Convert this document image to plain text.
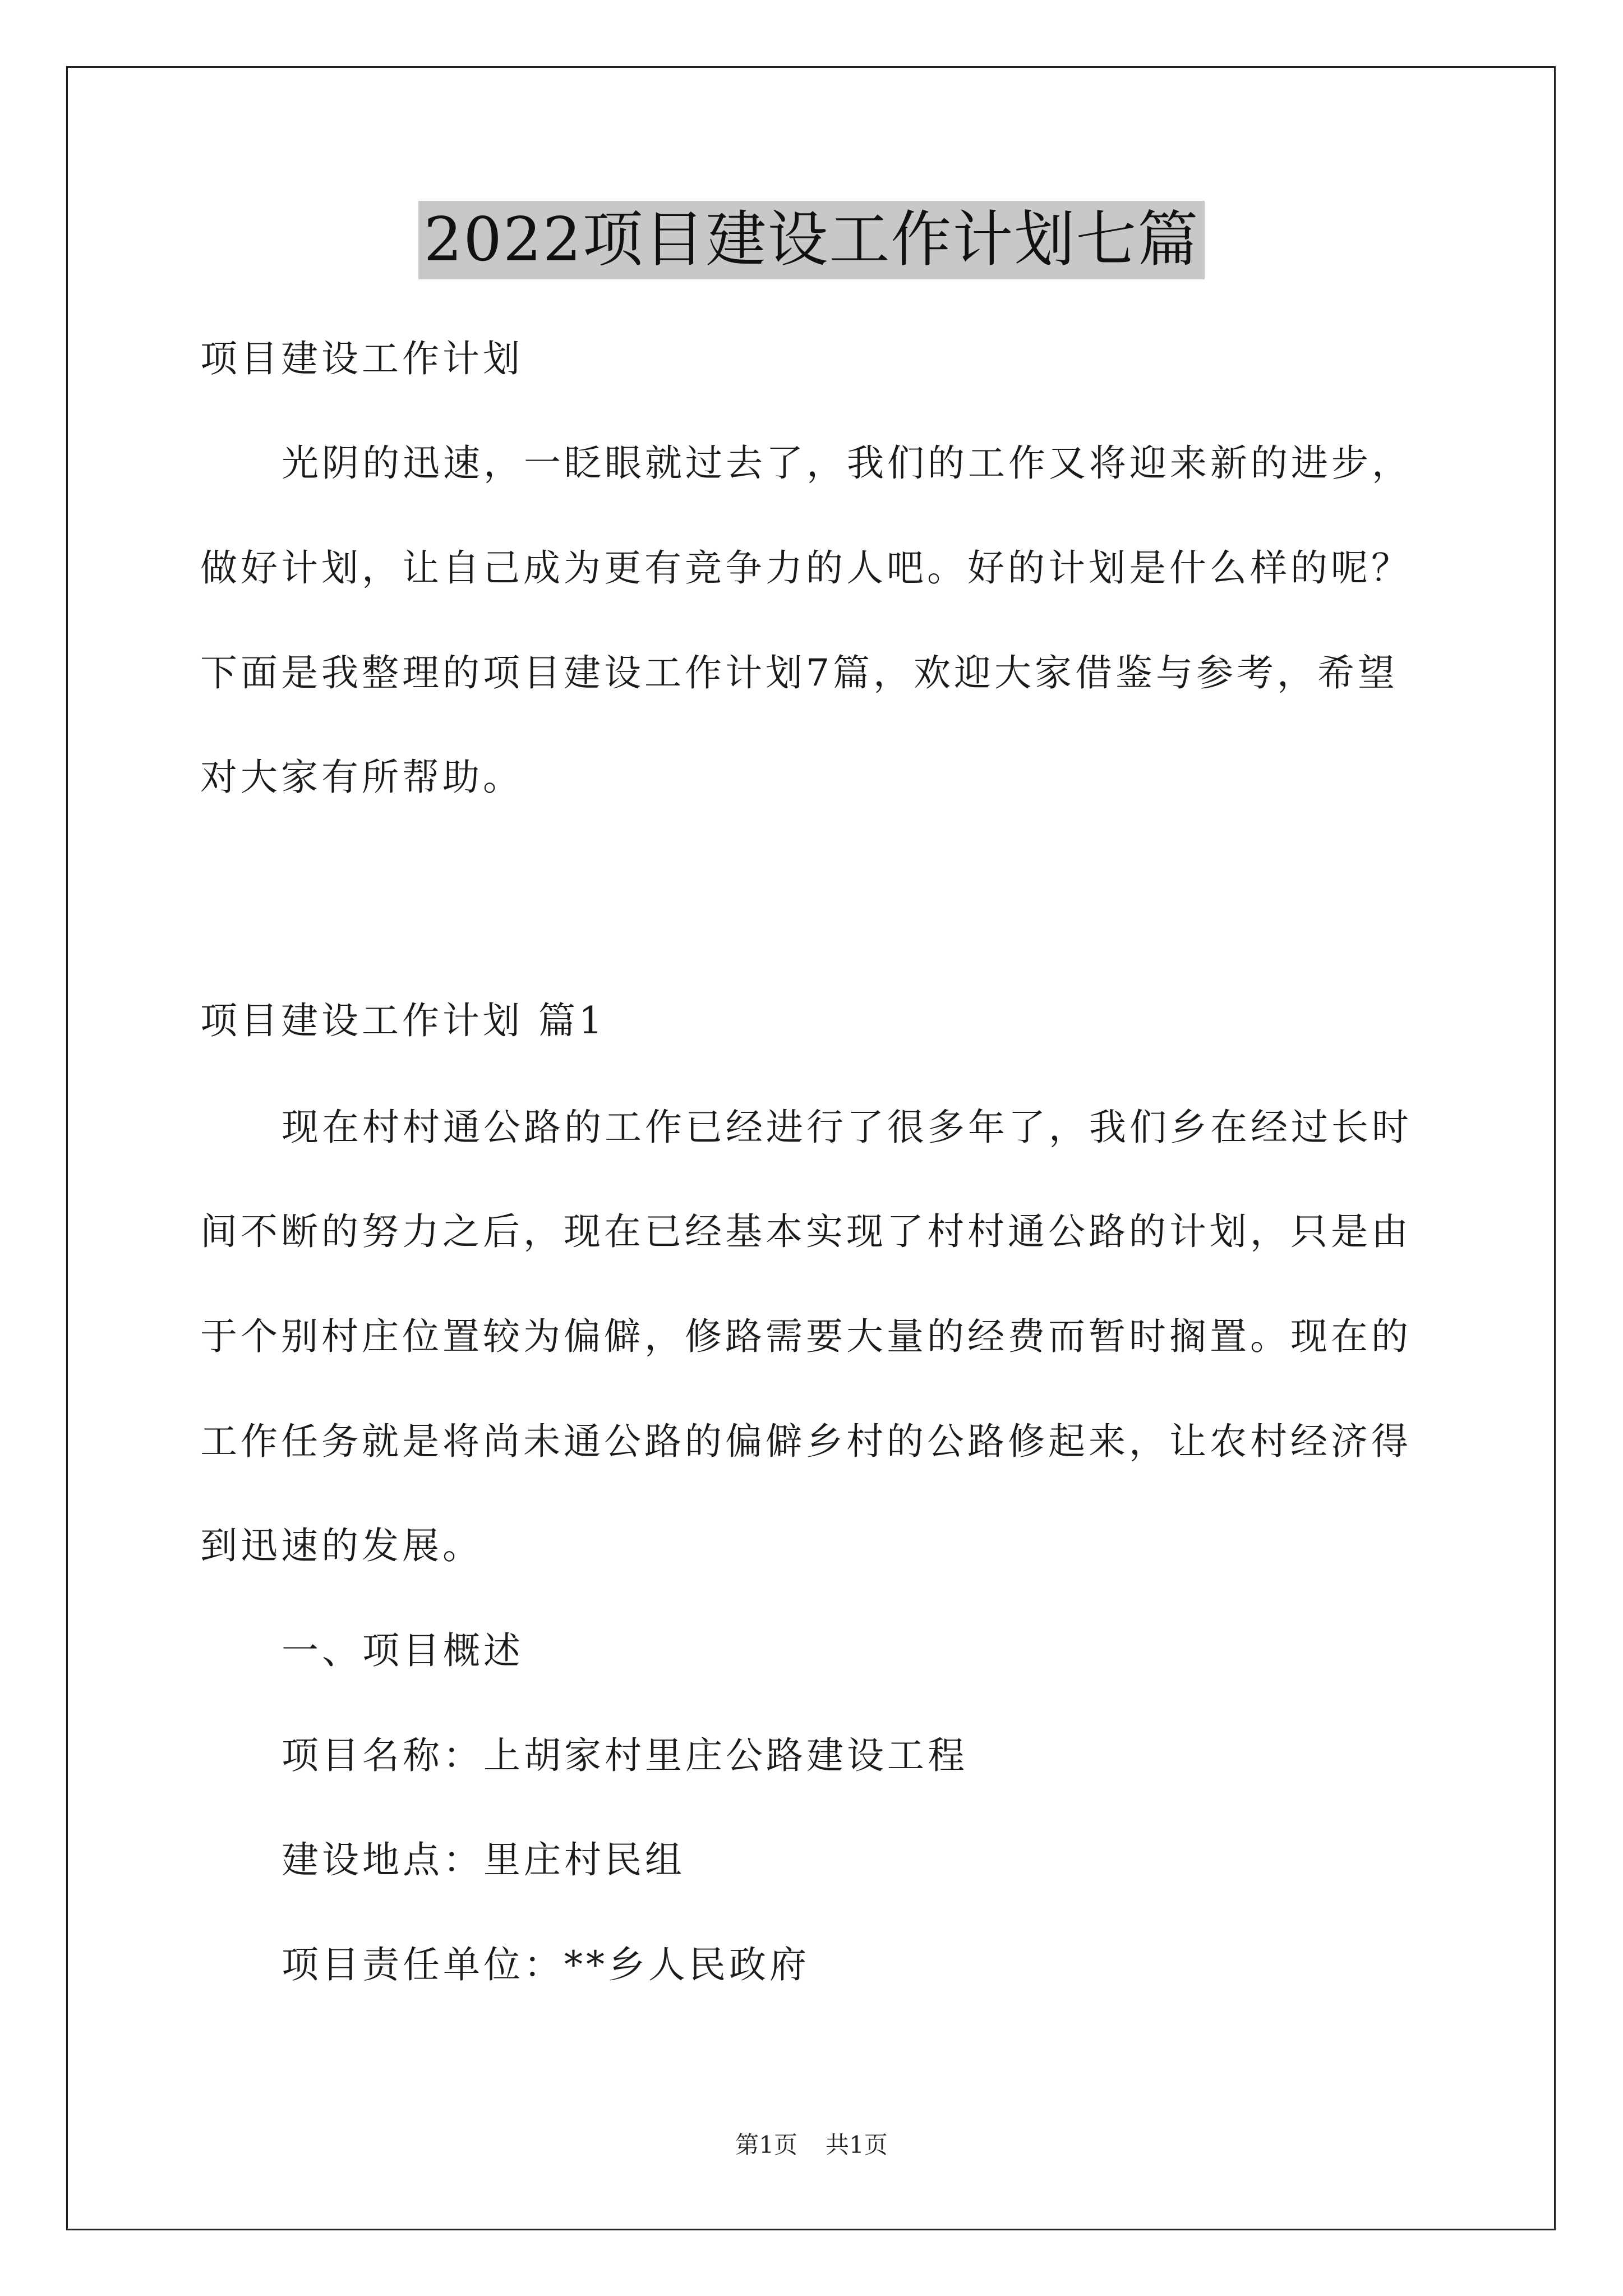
2022项目建设工作计划七篇
项目建设工作计划
光阴的迅速，一眨眼就过去了，我们的工作又将迎来新的进步，
做好计划，让自己成为更有竞争力的人吧。好的计划是什么样的呢？
下面是我整理的项目建设工作计划7篇，欢迎大家借鉴与参考，希望
对大家有所帮助。
项目建设工作计划 篇1
现在村村通公路的工作已经进行了很多年了，我们乡在经过长时
间不断的努力之后，现在已经基本实现了村村通公路的计划，只是由
于个别村庄位置较为偏僻，修路需要大量的经费而暂时搁置。现在的
工作任务就是将尚未通公路的偏僻乡村的公路修起来，让农村经济得
到迅速的发展。
一、项目概述
项目名称：上胡家村里庄公路建设工程
建设地点：里庄村民组
项目责任单位：**乡人民政府
第1页 共1页
